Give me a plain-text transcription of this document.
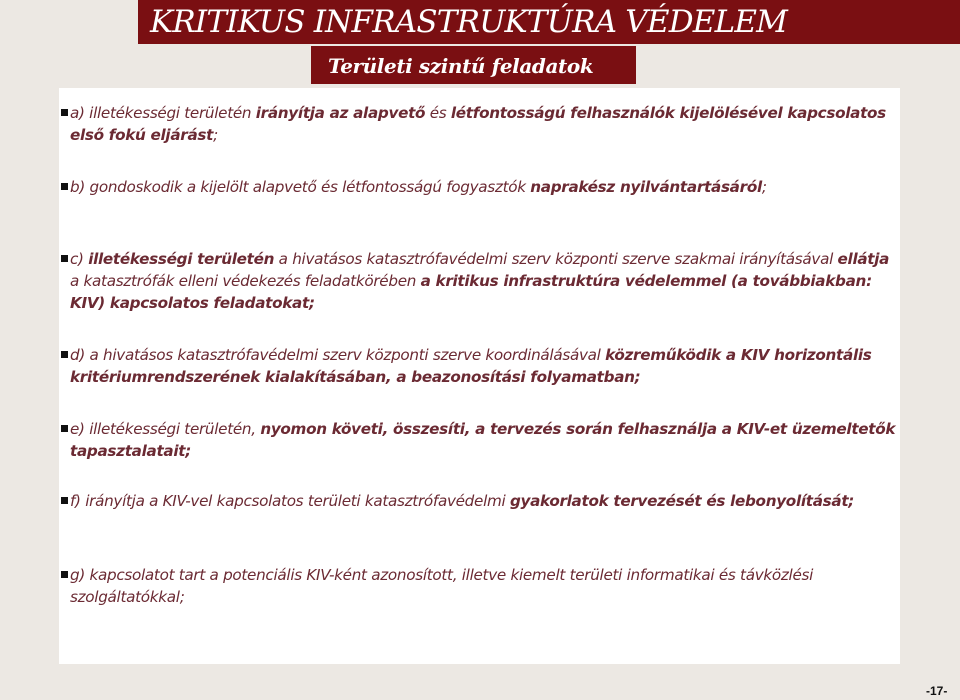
KRITIKUS INFRASTRUKTÚRA VÉDELEM
Területi szintű feladatok
a) illetékességi területén irányítja az alapvető és létfontosságú felhasználók kijelölésével kapcsolatos első fokú eljárást;
b) gondoskodik a kijelölt alapvető és létfontosságú fogyasztók naprakész nyilvántartásáról;
c) illetékességi területén a hivatásos katasztrófavédelmi szerv központi szerve szakmai irányításával ellátja a katasztrófák elleni védekezés feladatkörében a kritikus infrastruktúra védelemmel (a továbbiakban: KIV) kapcsolatos feladatokat;
d) a hivatásos katasztrófavédelmi szerv központi szerve koordinálásával közreműködik a KIV horizontális kritériumrendszerének kialakításában, a beazonosítási folyamatban;
e) illetékességi területén, nyomon követi, összesíti, a tervezés során felhasználja a KIV-et üzemeltetők tapasztalatait;
f) irányítja a KIV-vel kapcsolatos területi katasztrófavédelmi gyakorlatok tervezését és lebonyolítását;
g) kapcsolatot tart a potenciális KIV-ként azonosított, illetve kiemelt területi informatikai és távközlési szolgáltatókkal;
-17-
